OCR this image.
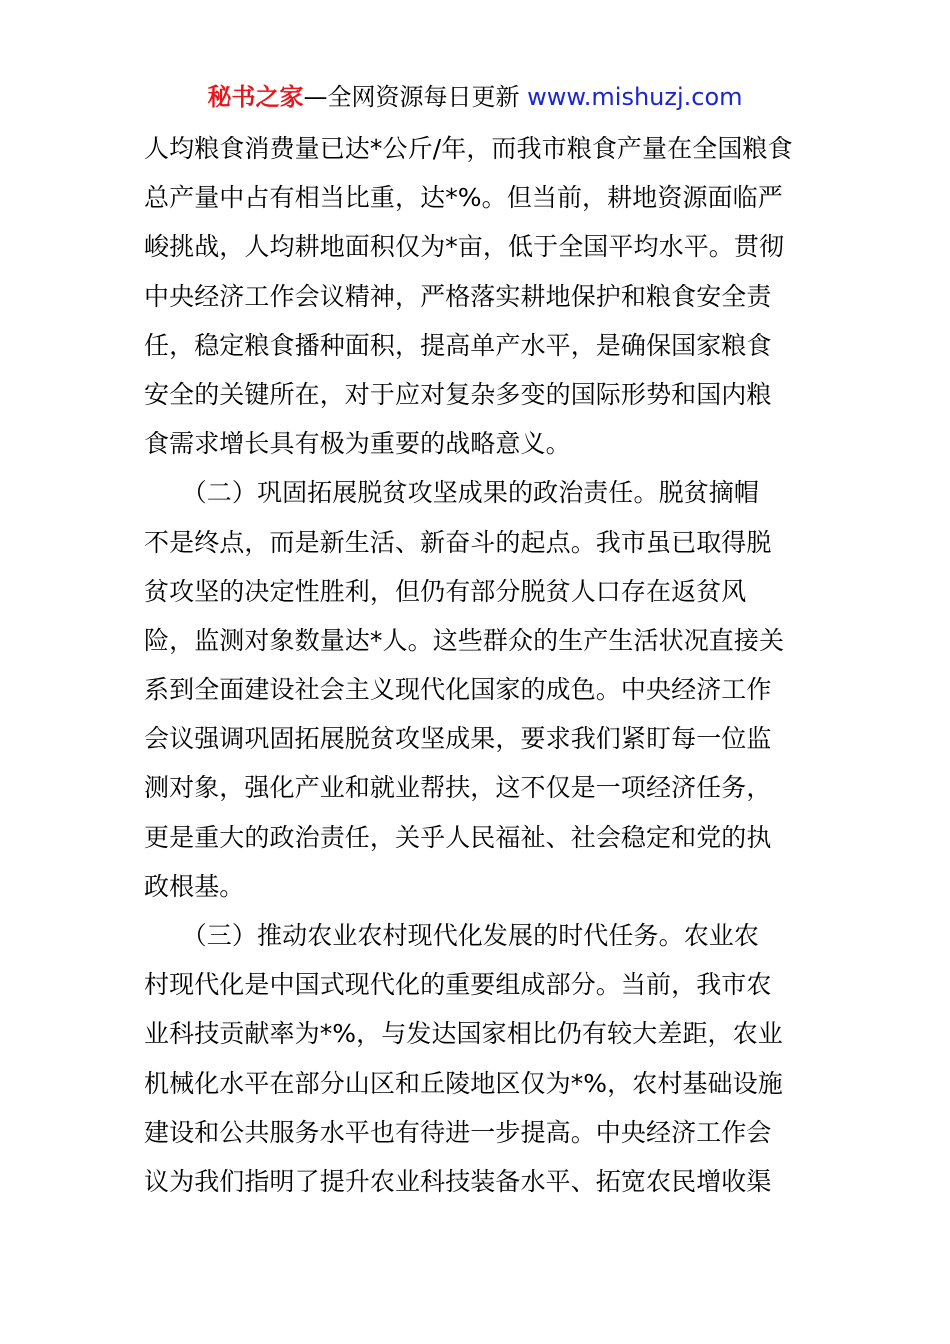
秘书之家—全网资源每日更新 www.mishuzj.com
人均粮食消费量已达*公斤/年，而我市粮食产量在全国粮食
总产量中占有相当比重，达*%。但当前，耕地资源面临严
峻挑战，人均耕地面积仅为*亩，低于全国平均水平。贯彻
中央经济工作会议精神，严格落实耕地保护和粮食安全责
任，稳定粮食播种面积，提高单产水平，是确保国家粮食
安全的关键所在，对于应对复杂多变的国际形势和国内粮
食需求增长具有极为重要的战略意义。
　　（二）巩固拓展脱贫攻坚成果的政治责任。脱贫摘帽
不是终点，而是新生活、新奋斗的起点。我市虽已取得脱
贫攻坚的决定性胜利，但仍有部分脱贫人口存在返贫风
险，监测对象数量达*人。这些群众的生产生活状况直接关
系到全面建设社会主义现代化国家的成色。中央经济工作
会议强调巩固拓展脱贫攻坚成果，要求我们紧盯每一位监
测对象，强化产业和就业帮扶，这不仅是一项经济任务，
更是重大的政治责任，关乎人民福祉、社会稳定和党的执
政根基。
　　（三）推动农业农村现代化发展的时代任务。农业农
村现代化是中国式现代化的重要组成部分。当前，我市农
业科技贡献率为*%，与发达国家相比仍有较大差距，农业
机械化水平在部分山区和丘陵地区仅为*%，农村基础设施
建设和公共服务水平也有待进一步提高。中央经济工作会
议为我们指明了提升农业科技装备水平、拓宽农民增收渠
